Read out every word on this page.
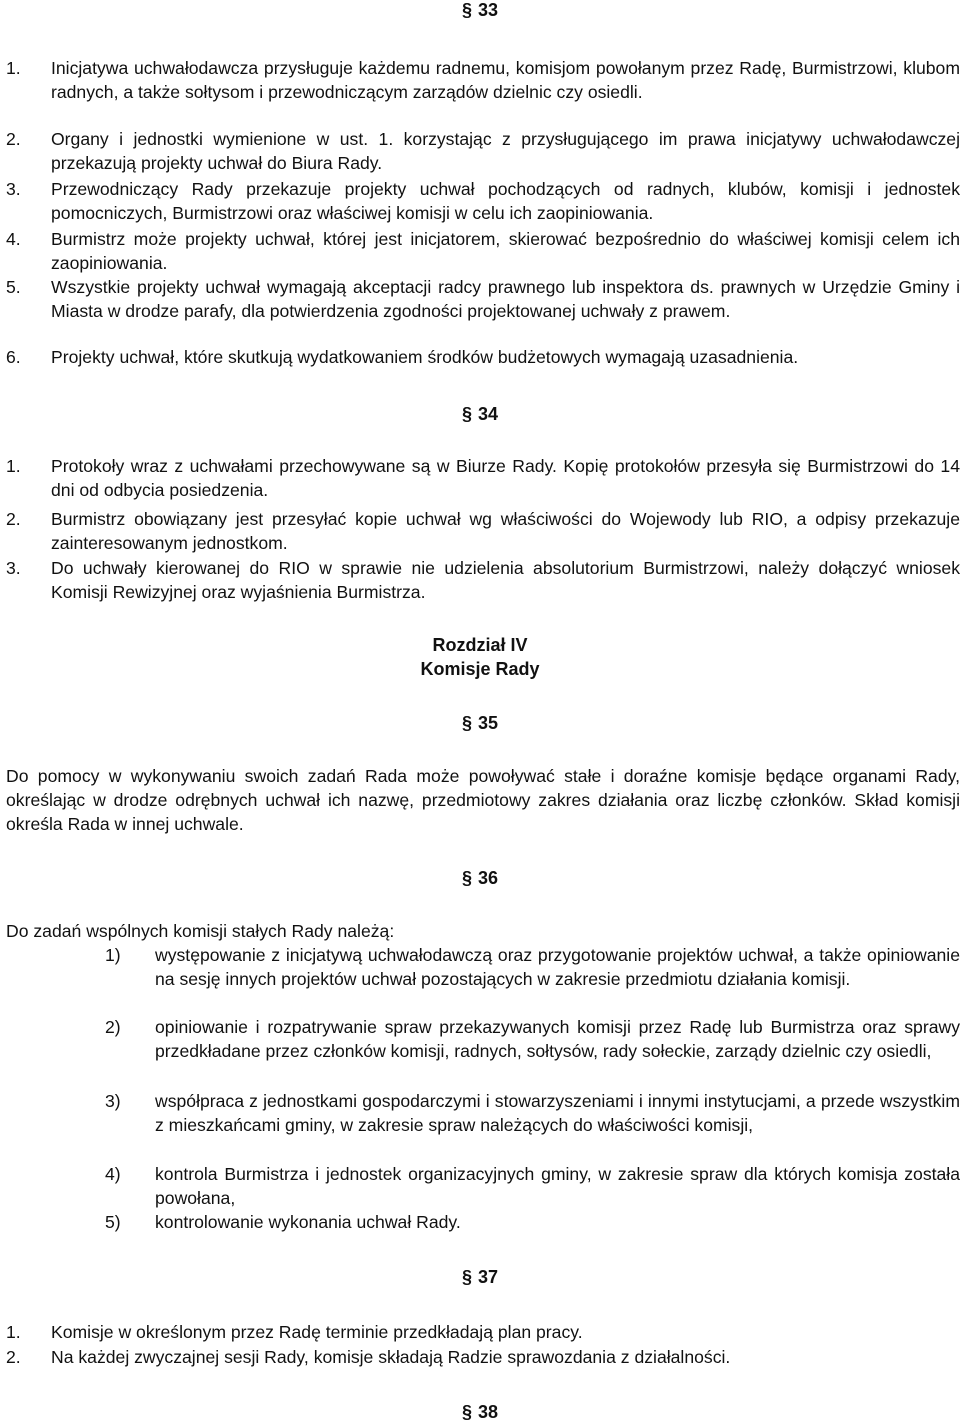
§ 33
1. Inicjatywa uchwałodawcza przysługuje każdemu radnemu, komisjom powołanym przez Radę, Burmistrzowi, klubom radnych, a także sołtysom i przewodniczącym zarządów dzielnic czy osiedli.
2. Organy i jednostki wymienione w ust. 1. korzystając z przysługującego im prawa inicjatywy uchwałodawczej przekazują projekty uchwał do Biura Rady.
3. Przewodniczący Rady przekazuje projekty uchwał pochodzących od radnych, klubów, komisji i jednostek pomocniczych, Burmistrzowi oraz właściwej komisji w celu ich zaopiniowania.
4. Burmistrz może projekty uchwał, której jest inicjatorem, skierować bezpośrednio do właściwej komisji celem ich zaopiniowania.
5. Wszystkie projekty uchwał wymagają akceptacji radcy prawnego lub inspektora ds. prawnych w Urzędzie Gminy i Miasta w drodze parafy, dla potwierdzenia zgodności projektowanej uchwały z prawem.
6. Projekty uchwał, które skutkują wydatkowaniem środków budżetowych wymagają uzasadnienia.
§ 34
1. Protokoły wraz z uchwałami przechowywane są w Biurze Rady. Kopię protokołów przesyła się Burmistrzowi do 14 dni od odbycia posiedzenia.
2. Burmistrz obowiązany jest przesyłać kopie uchwał wg właściwości do Wojewody lub RIO, a odpisy przekazuje zainteresowanym jednostkom.
3. Do uchwały kierowanej do RIO w sprawie nie udzielenia absolutorium Burmistrzowi, należy dołączyć wniosek Komisji Rewizyjnej oraz wyjaśnienia Burmistrza.
Rozdział IV
Komisje Rady
§ 35
Do pomocy w wykonywaniu swoich zadań Rada może powoływać stałe i doraźne komisje będące organami Rady, określając w drodze odrębnych uchwał ich nazwę, przedmiotowy zakres działania oraz liczbę członków. Skład komisji określa Rada w innej uchwale.
§ 36
Do zadań wspólnych komisji stałych Rady należą:
1) występowanie z inicjatywą uchwałodawczą oraz przygotowanie projektów uchwał, a także opiniowanie na sesję innych projektów uchwał pozostających w zakresie przedmiotu działania komisji.
2) opiniowanie i rozpatrywanie spraw przekazywanych komisji przez Radę lub Burmistrza oraz sprawy przedkładane przez członków komisji, radnych, sołtysów, rady sołeckie, zarządy dzielnic czy osiedli,
3) współpraca z jednostkami gospodarczymi i stowarzyszeniami i innymi instytucjami, a przede wszystkim z mieszkańcami gminy, w zakresie spraw należących do właściwości komisji,
4) kontrola Burmistrza i jednostek organizacyjnych gminy, w zakresie spraw dla których komisja została powołana,
5) kontrolowanie wykonania uchwał Rady.
§ 37
1. Komisje w określonym przez Radę terminie przedkładają plan pracy.
2. Na każdej zwyczajnej sesji Rady, komisje składają Radzie sprawozdania z działalności.
§ 38
